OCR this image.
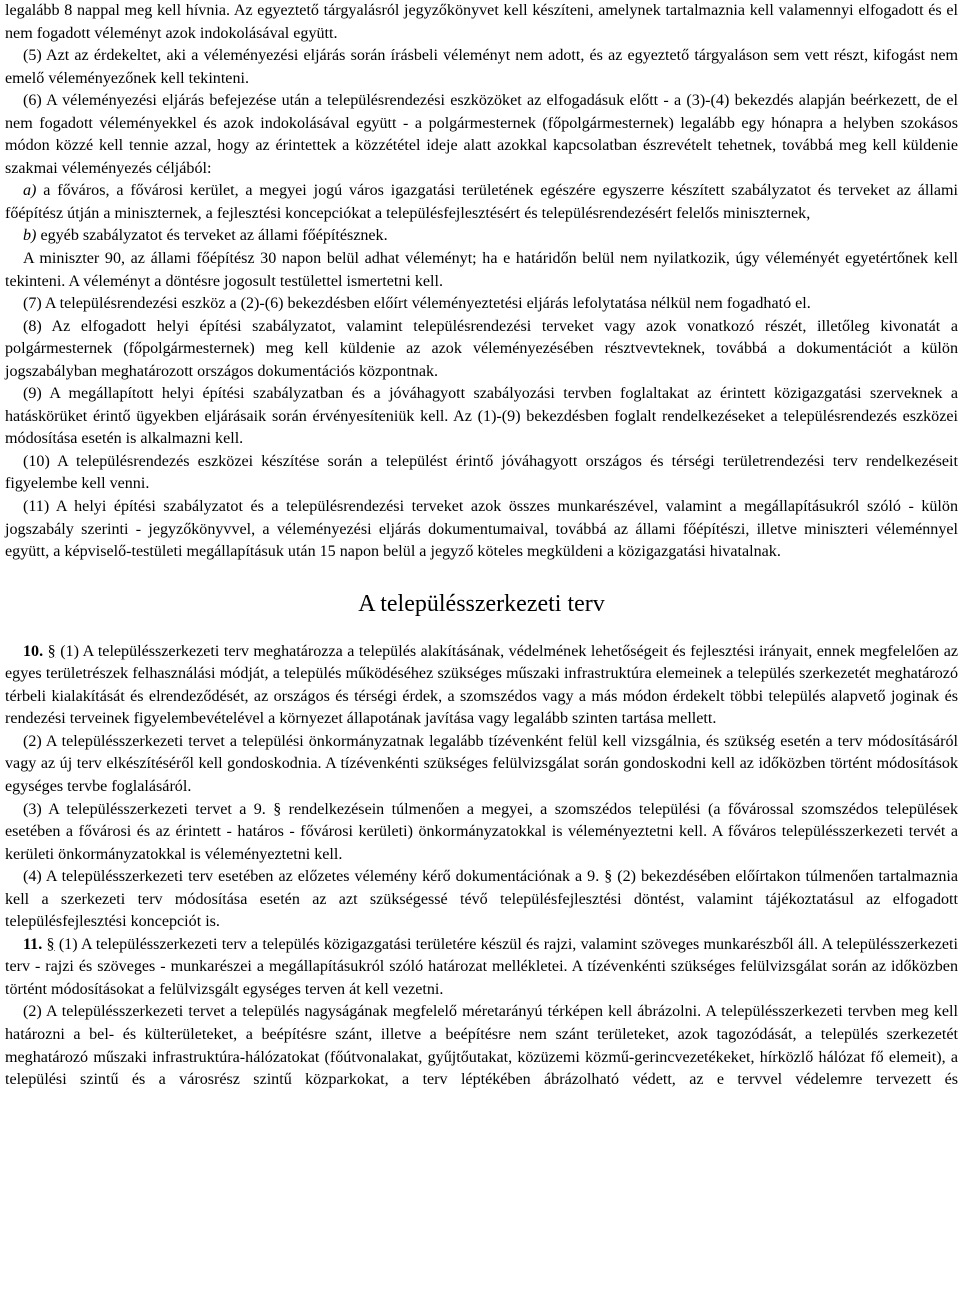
legalább 8 nappal meg kell hívnia. Az egyeztető tárgyalásról jegyzőkönyvet kell készíteni, amelynek tartalmaznia kell valamennyi elfogadott és el nem fogadott véleményt azok indokolásával együtt.

(5) Azt az érdekeltet, aki a véleményezési eljárás során írásbeli véleményt nem adott, és az egyeztető tárgyaláson sem vett részt, kifogást nem emelő véleményezőnek kell tekinteni.

(6) A véleményezési eljárás befejezése után a településrendezési eszközöket az elfogadásuk előtt - a (3)-(4) bekezdés alapján beérkezett, de el nem fogadott véleményekkel és azok indokolásával együtt - a polgármesternek (főpolgármesternek) legalább egy hónapra a helyben szokásos módon közzé kell tennie azzal, hogy az érintettek a közzététel ideje alatt azokkal kapcsolatban észrevételt tehetnek, továbbá meg kell küldenie szakmai véleményezés céljából:

a) a főváros, a fővárosi kerület, a megyei jogú város igazgatási területének egészére egyszerre készített szabályzatot és terveket az állami főépítész útján a miniszternek, a fejlesztési koncepciókat a településfejlesztésért és településrendezésért felelős miniszternek,

b) egyéb szabályzatot és terveket az állami főépítésznek.

A miniszter 90, az állami főépítész 30 napon belül adhat véleményt; ha e határidőn belül nem nyilatkozik, úgy véleményét egyetértőnek kell tekinteni. A véleményt a döntésre jogosult testülettel ismertetni kell.

(7) A településrendezési eszköz a (2)-(6) bekezdésben előírt véleményeztetési eljárás lefolytatása nélkül nem fogadható el.

(8) Az elfogadott helyi építési szabályzatot, valamint településrendezési terveket vagy azok vonatkozó részét, illetőleg kivonatát a polgármesternek (főpolgármesternek) meg kell küldenie az azok véleményezésében résztvevteknek, továbbá a dokumentációt a külön jogszabályban meghatározott országos dokumentációs központnak.

(9) A megállapított helyi építési szabályzatban és a jóváhagyott szabályozási tervben foglaltakat az érintett közigazgatási szerveknek a hatáskörüket érintő ügyekben eljárásaik során érvényesíteniük kell. Az (1)-(9) bekezdésben foglalt rendelkezéseket a településrendezés eszközei módosítása esetén is alkalmazni kell.

(10) A településrendezés eszközei készítése során a települést érintő jóváhagyott országos és térségi területrendezési terv rendelkezéseit figyelembe kell venni.

(11) A helyi építési szabályzatot és a településrendezési terveket azok összes munkarészével, valamint a megállapításukról szóló - külön jogszabály szerinti - jegyzőkönyvvel, a véleményezési eljárás dokumentumaival, továbbá az állami főépítészi, illetve miniszteri véleménnyel együtt, a képviselő-testületi megállapításuk után 15 napon belül a jegyző köteles megküldeni a közigazgatási hivatalnak.

A településszerkezeti terv

10. § (1) A településszerkezeti terv meghatározza a település alakításának, védelmének lehetőségeit és fejlesztési irányait, ennek megfelelően az egyes területrészek felhasználási módját, a település működéséhez szükséges műszaki infrastruktúra elemeinek a település szerkezetét meghatározó térbeli kialakítását és elrendeződését, az országos és térségi érdek, a szomszédos vagy a más módon érdekelt többi település alapvető joginak és rendezési terveinek figyelembevételével a környezet állapotának javítása vagy legalább szinten tartása mellett.

(2) A településszerkezeti tervet a települési önkormányzatnak legalább tízévenként felül kell vizsgálnia, és szükség esetén a terv módosításáról vagy az új terv elkészítéséről kell gondoskodnia. A tízévenkénti szükséges felülvizsgálat során gondoskodni kell az időközben történt módosítások egységes tervbe foglalásáról.

(3) A településszerkezeti tervet a 9. § rendelkezésein túlmenően a megyei, a szomszédos települési (a fővárossal szomszédos települések esetében a fővárosi és az érintett - határos - fővárosi kerületi) önkormányzatokkal is véleményeztetni kell. A főváros településszerkezeti tervét a kerületi önkormányzatokkal is véleményeztetni kell.

(4) A településszerkezeti terv esetében az előzetes vélemény kérő dokumentációnak a 9. § (2) bekezdésében előírtakon túlmenően tartalmaznia kell a szerkezeti terv módosítása esetén az azt szükségessé tévő településfejlesztési döntést, valamint tájékoztatásul az elfogadott településfejlesztési koncepciót is.

11. § (1) A településszerkezeti terv a település közigazgatási területére készül és rajzi, valamint szöveges munkarészből áll. A településszerkezeti terv - rajzi és szöveges - munkarészei a megállapításukról szóló határozat mellékletei. A tízévenkénti szükséges felülvizsgálat során az időközben történt módosításokat a felülvizsgált egységes terven át kell vezetni.

(2) A településszerkezeti tervet a település nagyságának megfelelő méretarányú térképen kell ábrázolni. A településszerkezeti tervben meg kell határozni a bel- és külterületeket, a beépítésre szánt, illetve a beépítésre nem szánt területeket, azok tagozódását, a település szerkezetét meghatározó műszaki infrastruktúra-hálózatokat (főútvonalakat, gyűjtőutakat, közüzemi közmű-gerincvezetékeket, hírközlő hálózat fő elemeit), a települési szintű és a városrész szintű közparkokat, a terv léptékében ábrázolható védett, az e tervvel védelemre tervezett és
